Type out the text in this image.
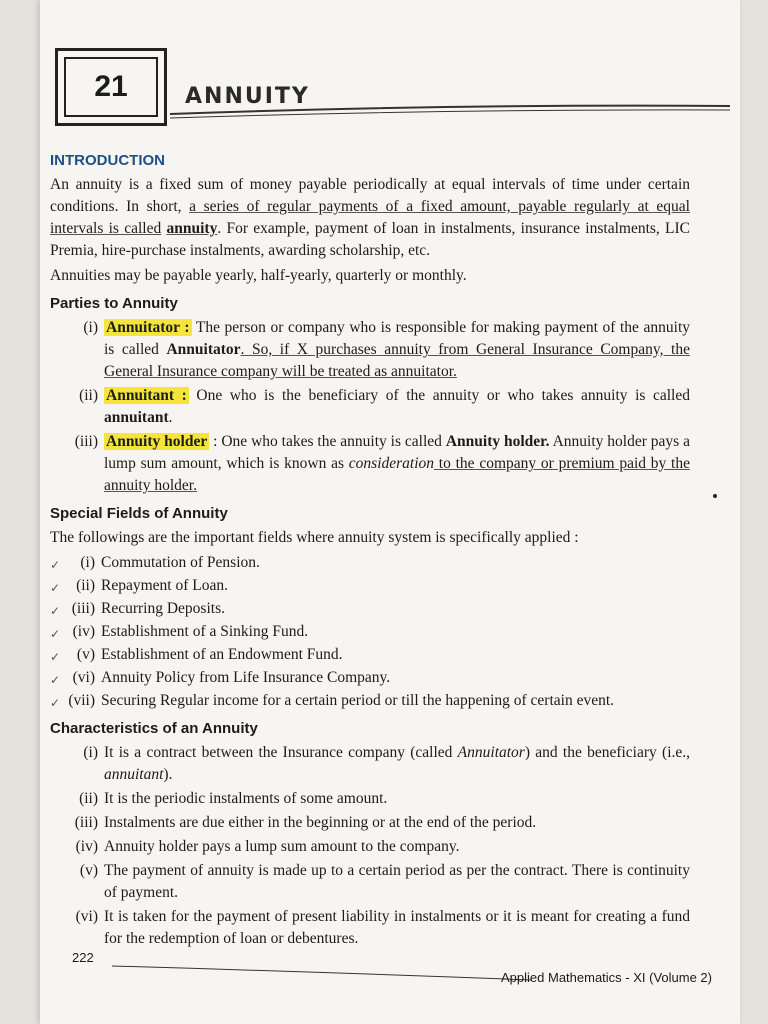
21	ANNUITY
INTRODUCTION

An annuity is a fixed sum of money payable periodically at equal intervals of time under certain conditions. In short, a series of regular payments of a fixed amount, payable regularly at equal intervals is called annuity. For example, payment of loan in instalments, insurance instalments, LIC Premia, hire-purchase instalments, awarding scholarship, etc.

Annuities may be payable yearly, half-yearly, quarterly or monthly.

Parties to Annuity
(i) Annuitator : The person or company who is responsible for making payment of the annuity is called Annuitator. So, if X purchases annuity from General Insurance Company, the General Insurance company will be treated as annuitator.
(ii) Annuitant : One who is the beneficiary of the annuity or who takes annuity is called annuitant.
(iii) Annuity holder : One who takes the annuity is called Annuity holder. Annuity holder pays a lump sum amount, which is known as consideration to the company or premium paid by the annuity holder.
Special Fields of Annuity

The followings are the important fields where annuity system is specifically applied :

✓ (i) Commutation of Pension.
✓ (ii) Repayment of Loan.
✓ (iii) Recurring Deposits.
✓ (iv) Establishment of a Sinking Fund.
✓ (v) Establishment of an Endowment Fund.
✓ (vi) Annuity Policy from Life Insurance Company.
✓ (vii) Securing Regular income for a certain period or till the happening of certain event.
Characteristics of an Annuity
(i) It is a contract between the Insurance company (called Annuitator) and the beneficiary (i.e., annuitant).
(ii) It is the periodic instalments of some amount.
(iii) Instalments are due either in the beginning or at the end of the period.
(iv) Annuity holder pays a lump sum amount to the company.
(v) The payment of annuity is made up to a certain period as per the contract. There is continuity of payment.
(vi) It is taken for the payment of present liability in instalments or it is meant for creating a fund for the redemption of loan or debentures.
222
Applied Mathematics - XI (Volume 2)
